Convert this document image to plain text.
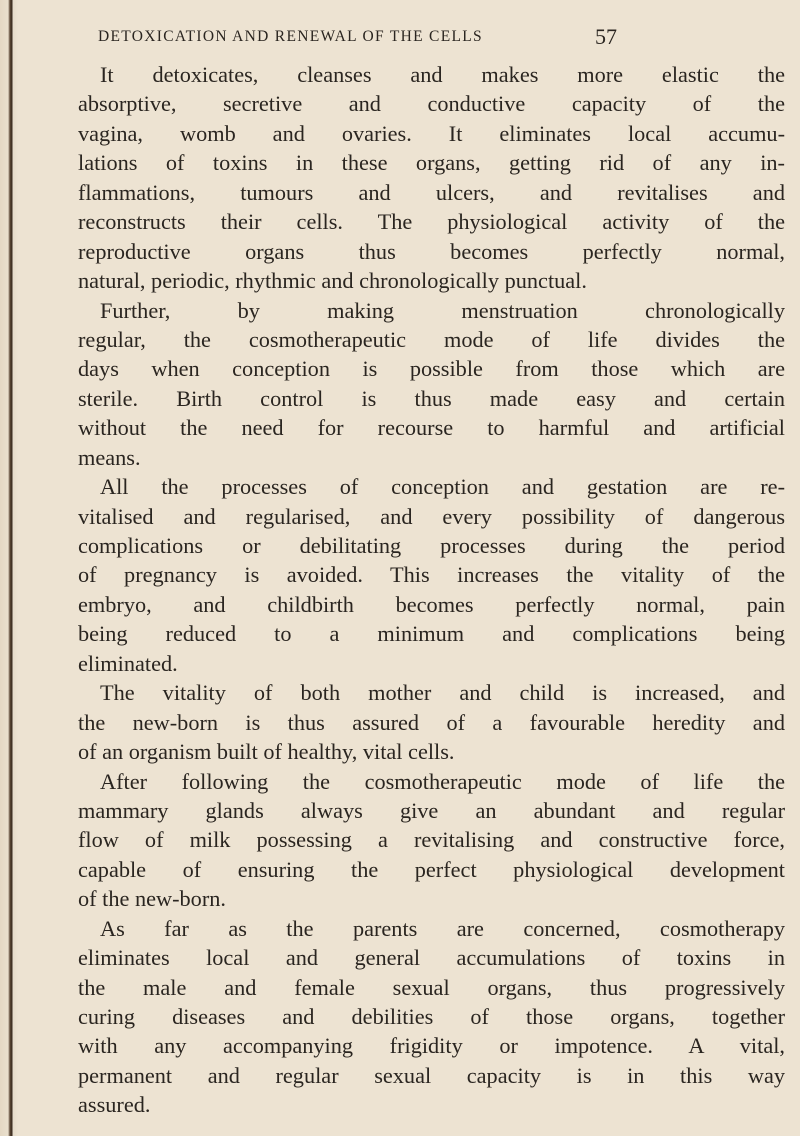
DETOXICATION AND RENEWAL OF THE CELLS	57
It detoxicates, cleanses and makes more elastic the
absorptive, secretive and conductive capacity of the
vagina, womb and ovaries. It eliminates local accumu-
lations of toxins in these organs, getting rid of any in-
flammations, tumours and ulcers, and revitalises and
reconstructs their cells. The physiological activity of the
reproductive organs thus becomes perfectly normal,
natural, periodic, rhythmic and chronologically punctual.
Further, by making menstruation chronologically
regular, the cosmotherapeutic mode of life divides the
days when conception is possible from those which are
sterile. Birth control is thus made easy and certain
without the need for recourse to harmful and artificial
means.
All the processes of conception and gestation are re-
vitalised and regularised, and every possibility of dangerous
complications or debilitating processes during the period
of pregnancy is avoided. This increases the vitality of the
embryo, and childbirth becomes perfectly normal, pain
being reduced to a minimum and complications being
eliminated.
The vitality of both mother and child is increased, and
the new-born is thus assured of a favourable heredity and
of an organism built of healthy, vital cells.
After following the cosmotherapeutic mode of life the
mammary glands always give an abundant and regular
flow of milk possessing a revitalising and constructive force,
capable of ensuring the perfect physiological development
of the new-born.
As far as the parents are concerned, cosmotherapy
eliminates local and general accumulations of toxins in
the male and female sexual organs, thus progressively
curing diseases and debilities of those organs, together
with any accompanying frigidity or impotence. A vital,
permanent and regular sexual capacity is in this way
assured.
